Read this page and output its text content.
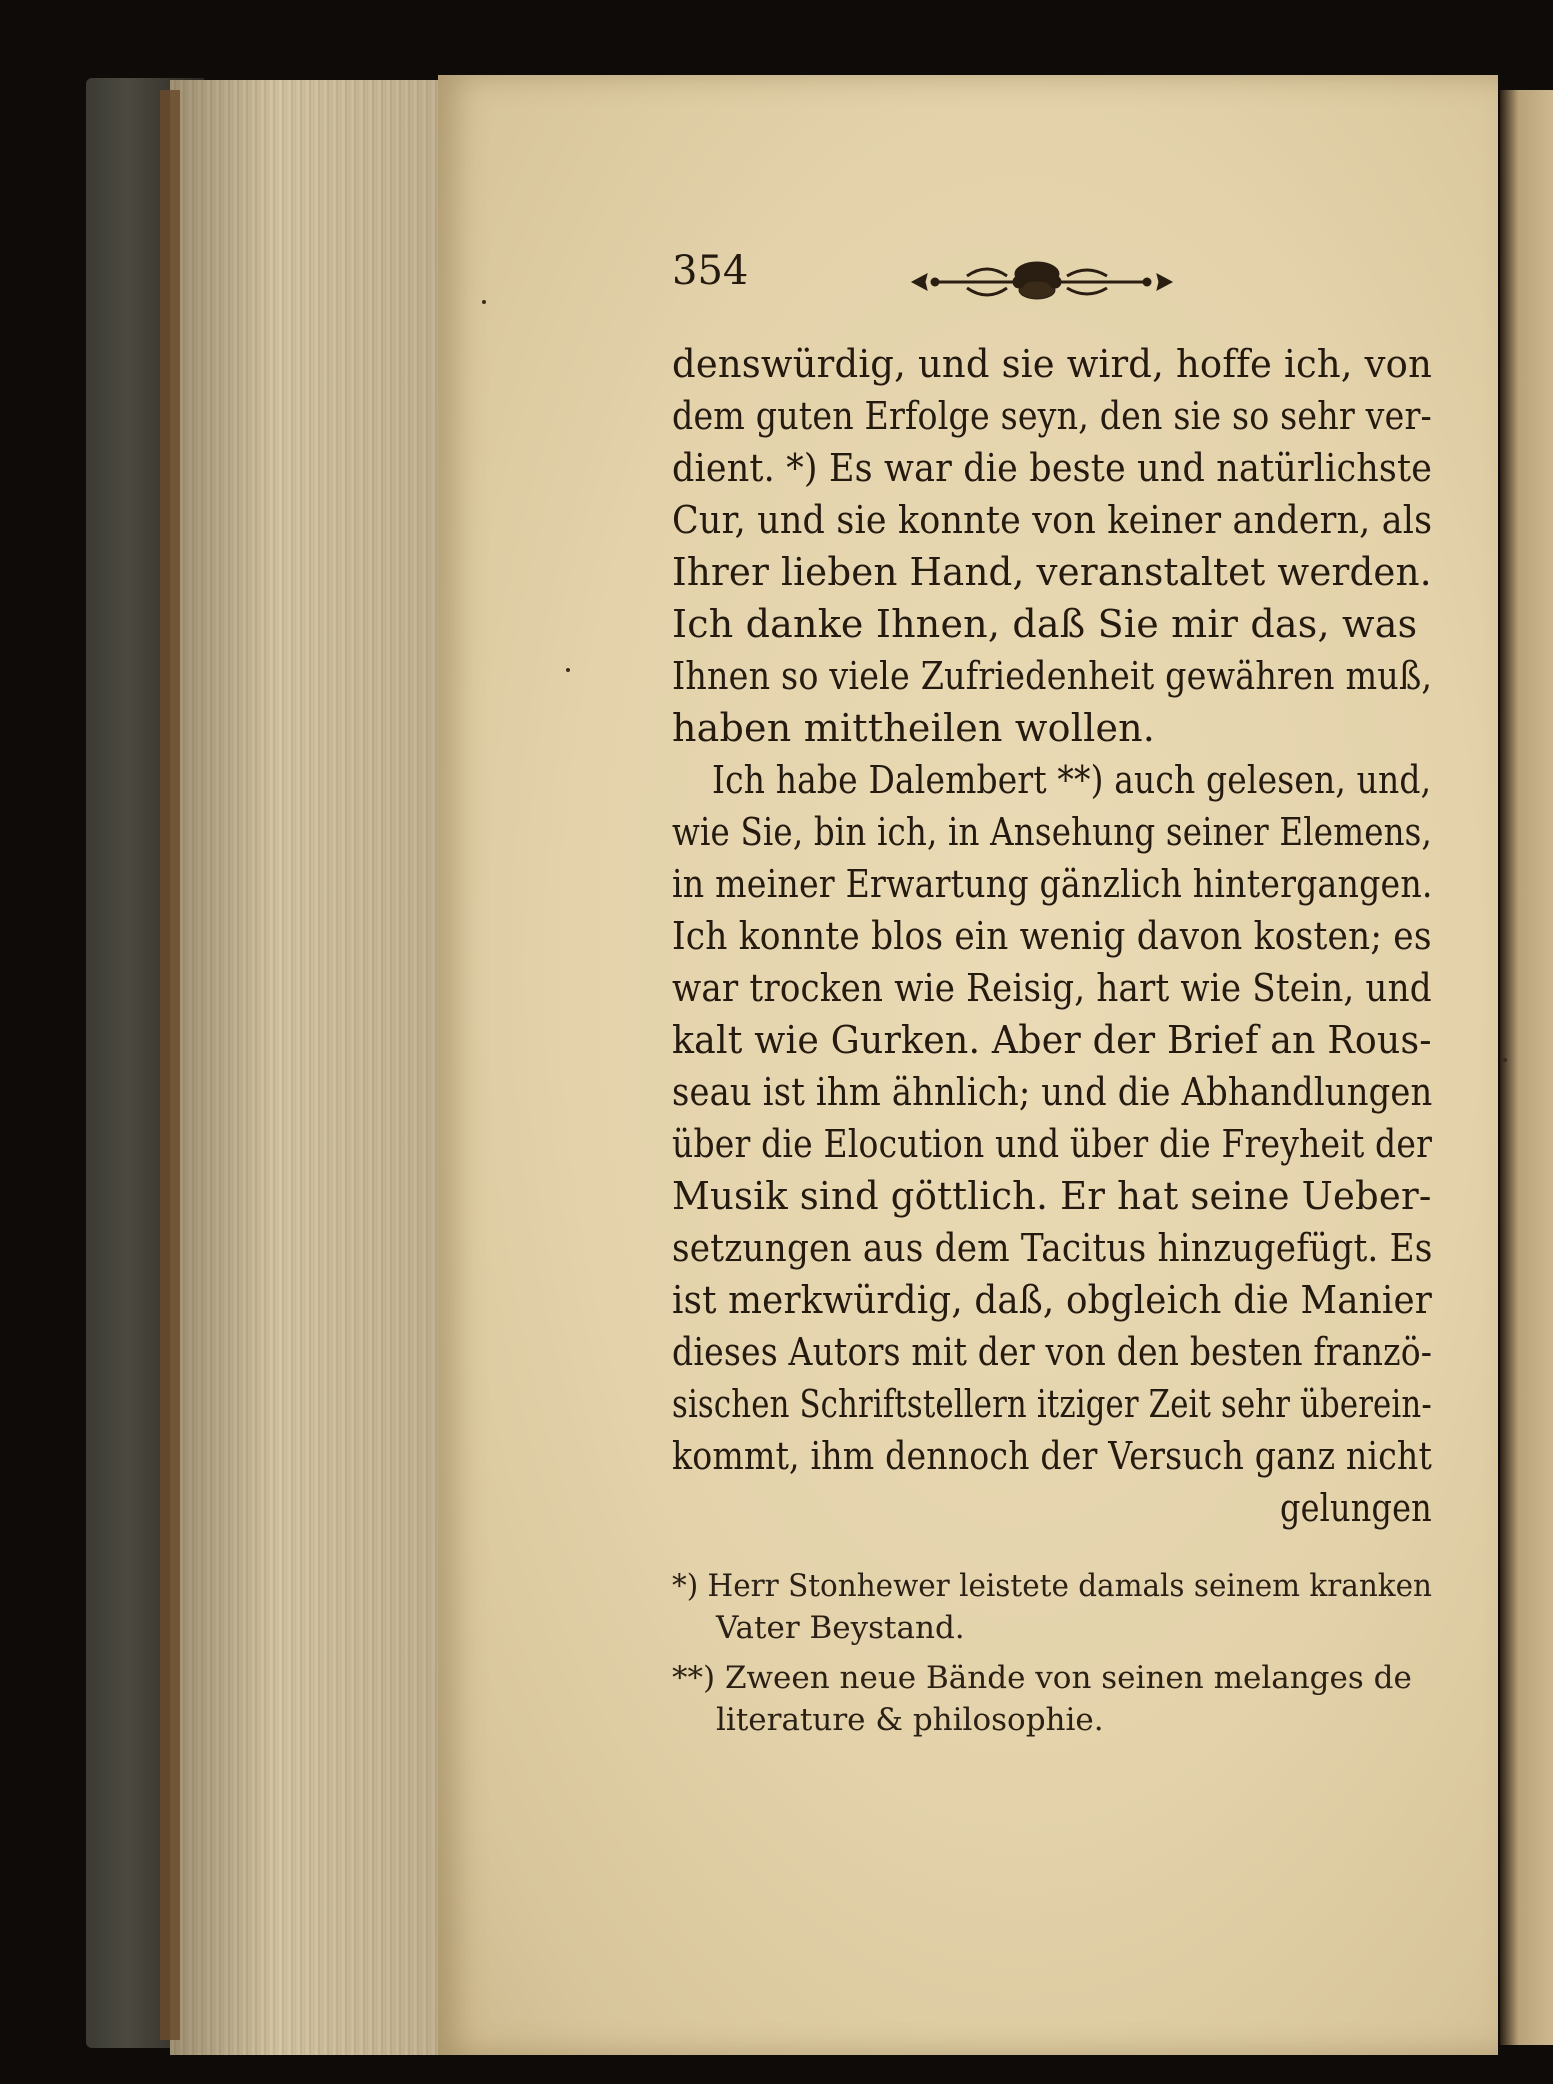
354
denswürdig, und sie wird, hoffe ich, von
dem guten Erfolge seyn, den sie so sehr ver-
dient. *) Es war die beste und natürlichste
Cur, und sie konnte von keiner andern, als
Ihrer lieben Hand, veranstaltet werden.
Ich danke Ihnen, daß Sie mir das, was
Ihnen so viele Zufriedenheit gewähren muß,
haben mittheilen wollen.
Ich habe Dalembert **) auch gelesen, und,
wie Sie, bin ich, in Ansehung seiner Elemens,
in meiner Erwartung gänzlich hintergangen.
Ich konnte blos ein wenig davon kosten; es
war trocken wie Reisig, hart wie Stein, und
kalt wie Gurken. Aber der Brief an Rous-
seau ist ihm ähnlich; und die Abhandlungen
über die Elocution und über die Freyheit der
Musik sind göttlich. Er hat seine Ueber-
setzungen aus dem Tacitus hinzugefügt. Es
ist merkwürdig, daß, obgleich die Manier
dieses Autors mit der von den besten franzö-
sischen Schriftstellern itziger Zeit sehr überein-
kommt, ihm dennoch der Versuch ganz nicht
gelungen
*) Herr Stonhewer leistete damals seinem kranken
Vater Beystand.
**) Zween neue Bände von seinen melanges de
literature & philosophie.
